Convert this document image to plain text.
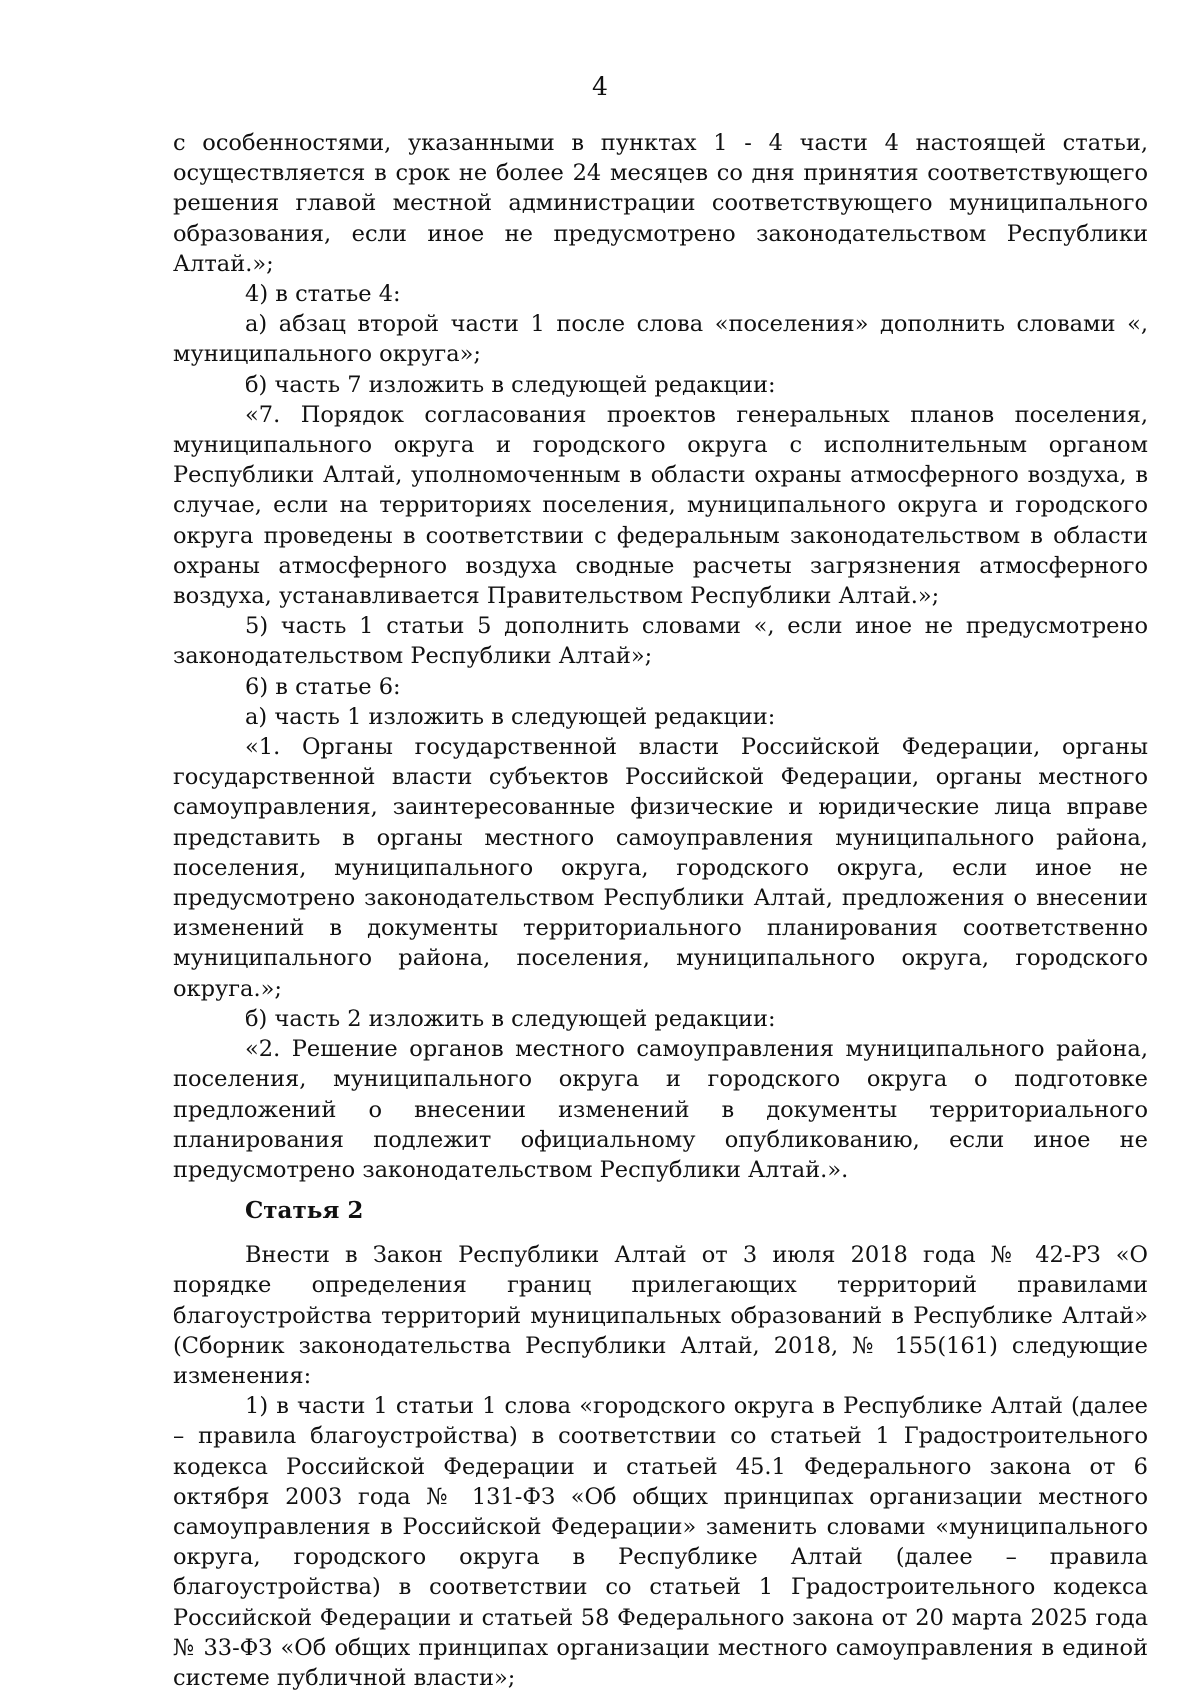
4

с особенностями, указанными в пунктах 1 - 4 части 4 настоящей статьи, осуществляется в срок не более 24 месяцев со дня принятия соответствующего решения главой местной администрации соответствующего муниципального образования, если иное не предусмотрено законодательством Республики Алтай.»;

4) в статье 4:

а) абзац второй части 1 после слова «поселения» дополнить словами «, муниципального округа»;

б) часть 7 изложить в следующей редакции:

«7. Порядок согласования проектов генеральных планов поселения, муниципального округа и городского округа с исполнительным органом Республики Алтай, уполномоченным в области охраны атмосферного воздуха, в случае, если на территориях поселения, муниципального округа и городского округа проведены в соответствии с федеральным законодательством в области охраны атмосферного воздуха сводные расчеты загрязнения атмосферного воздуха, устанавливается Правительством Республики Алтай.»;

5) часть 1 статьи 5 дополнить словами «, если иное не предусмотрено законодательством Республики Алтай»;

6) в статье 6:

а) часть 1 изложить в следующей редакции:

«1. Органы государственной власти Российской Федерации, органы государственной власти субъектов Российской Федерации, органы местного самоуправления, заинтересованные физические и юридические лица вправе представить в органы местного самоуправления муниципального района, поселения, муниципального округа, городского округа, если иное не предусмотрено законодательством Республики Алтай, предложения о внесении изменений в документы территориального планирования соответственно муниципального района, поселения, муниципального округа, городского округа.»;

б) часть 2 изложить в следующей редакции:

«2. Решение органов местного самоуправления муниципального района, поселения, муниципального округа и городского округа о подготовке предложений о внесении изменений в документы территориального планирования подлежит официальному опубликованию, если иное не предусмотрено законодательством Республики Алтай.».

Статья 2

Внести в Закон Республики Алтай от 3 июля 2018 года № 42-РЗ «О порядке определения границ прилегающих территорий правилами благоустройства территорий муниципальных образований в Республике Алтай» (Сборник законодательства Республики Алтай, 2018, № 155(161) следующие изменения:

1) в части 1 статьи 1 слова «городского округа в Республике Алтай (далее – правила благоустройства) в соответствии со статьей 1 Градостроительного кодекса Российской Федерации и статьей 45.1 Федерального закона от 6 октября 2003 года № 131-ФЗ «Об общих принципах организации местного самоуправления в Российской Федерации» заменить словами «муниципального округа, городского округа в Республике Алтай (далее – правила благоустройства) в соответствии со статьей 1 Градостроительного кодекса Российской Федерации и статьей 58 Федерального закона от 20 марта 2025 года № 33-ФЗ «Об общих принципах организации местного самоуправления в единой системе публичной власти»;
